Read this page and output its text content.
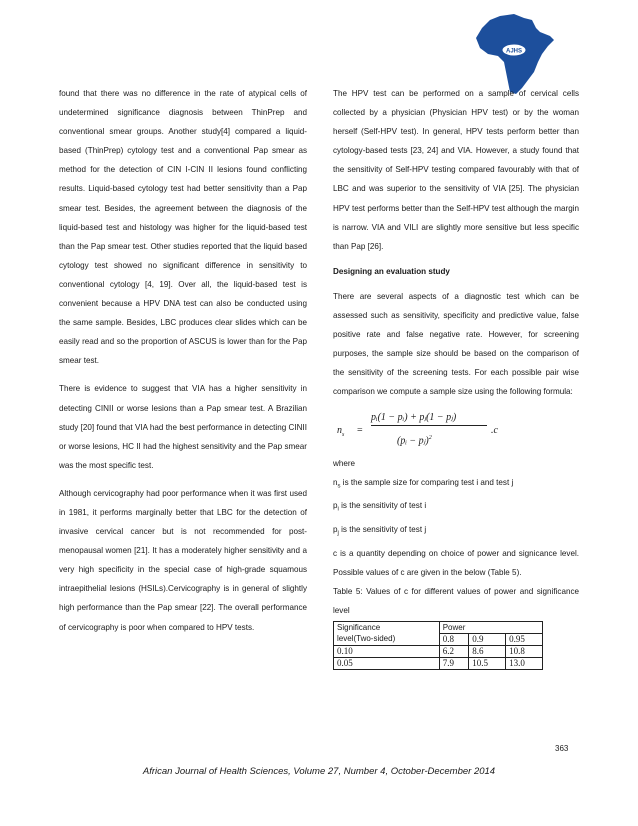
AJHS

found that there was no difference in the rate of atypical cells of undetermined significance diagnosis between ThinPrep and conventional smear groups. Another study[4] compared a liquid-based (ThinPrep) cytology test and a conventional Pap smear as method for the detection of CIN I-CIN II lesions found conflicting results. Liquid-based cytology test had better sensitivity than a Pap smear test. Besides, the agreement between the diagnosis of the liquid-based test and histology was higher for the liquid-based test than the Pap smear test. Other studies reported that the liquid based cytology test showed no significant difference in sensitivity to conventional cytology [4, 19]. Over all, the liquid-based test is convenient because a HPV DNA test can also be conducted using the same sample. Besides, LBC produces clear slides which can be easily read and so the proportion of ASCUS is lower than for the Pap smear test.

There is evidence to suggest that VIA has a higher sensitivity in detecting CINII or worse lesions than a Pap smear test. A Brazilian study [20] found that VIA had the best performance in detecting CINII or worse lesions, HC II had the highest sensitivity and the Pap smear was the most specific test.

Although cervicography had poor performance when it was first used in 1981, it performs marginally better that LBC for the detection of invasive cervical cancer but is not recommended for post-menopausal women [21]. It has a moderately higher sensitivity and a very high specificity in the special case of high-grade squamous intraepithelial lesions (HSILs).Cervicography is in general of slightly high performance than the Pap smear [22]. The overall performance of cervicography is poor when compared to HPV tests.

The HPV test can be performed on a sample of cervical cells collected by a physician (Physician HPV test) or by the woman herself (Self-HPV test). In general, HPV tests perform better than cytology-based tests [23, 24] and VIA. However, a study found that the sensitivity of Self-HPV testing compared favourably with that of LBC and was superior to the sensitivity of VIA [25]. The physician HPV test performs better than the Self-HPV test although the margin is narrow. VIA and VILI are slightly more sensitive but less specific than Pap [26].

Designing an evaluation study

There are several aspects of a diagnostic test which can be assessed such as sensitivity, specificity and predictive value, false positive rate and false negative rate. However, for screening purposes, the sample size should be based on the comparison of the sensitivity of the screening tests. For each possible pair wise comparison we compute a sample size using the following formula:

$n_s$ =
pᵢ(1 − pᵢ) + pⱼ(1 − pⱼ)
(pᵢ − pⱼ)$^2$
.c

where

$n_s$ is the sample size for comparing test i and test j

$p_i$ is the sensitivity of test i

$p_j$ is the sensitivity of test j

c is a quantity depending on choice of power and signicance level. Possible values of c are given in the below (Table 5).

Table 5: Values of c for different values of power and significance level

Significance
level(Two-sided)	Power		
	0.8	0.9	0.95
0.10	6.2	8.6	10.8
0.05	7.9	10.5	13.0
363
African Journal of Health Sciences, Volume 27, Number 4, October-December 2014
